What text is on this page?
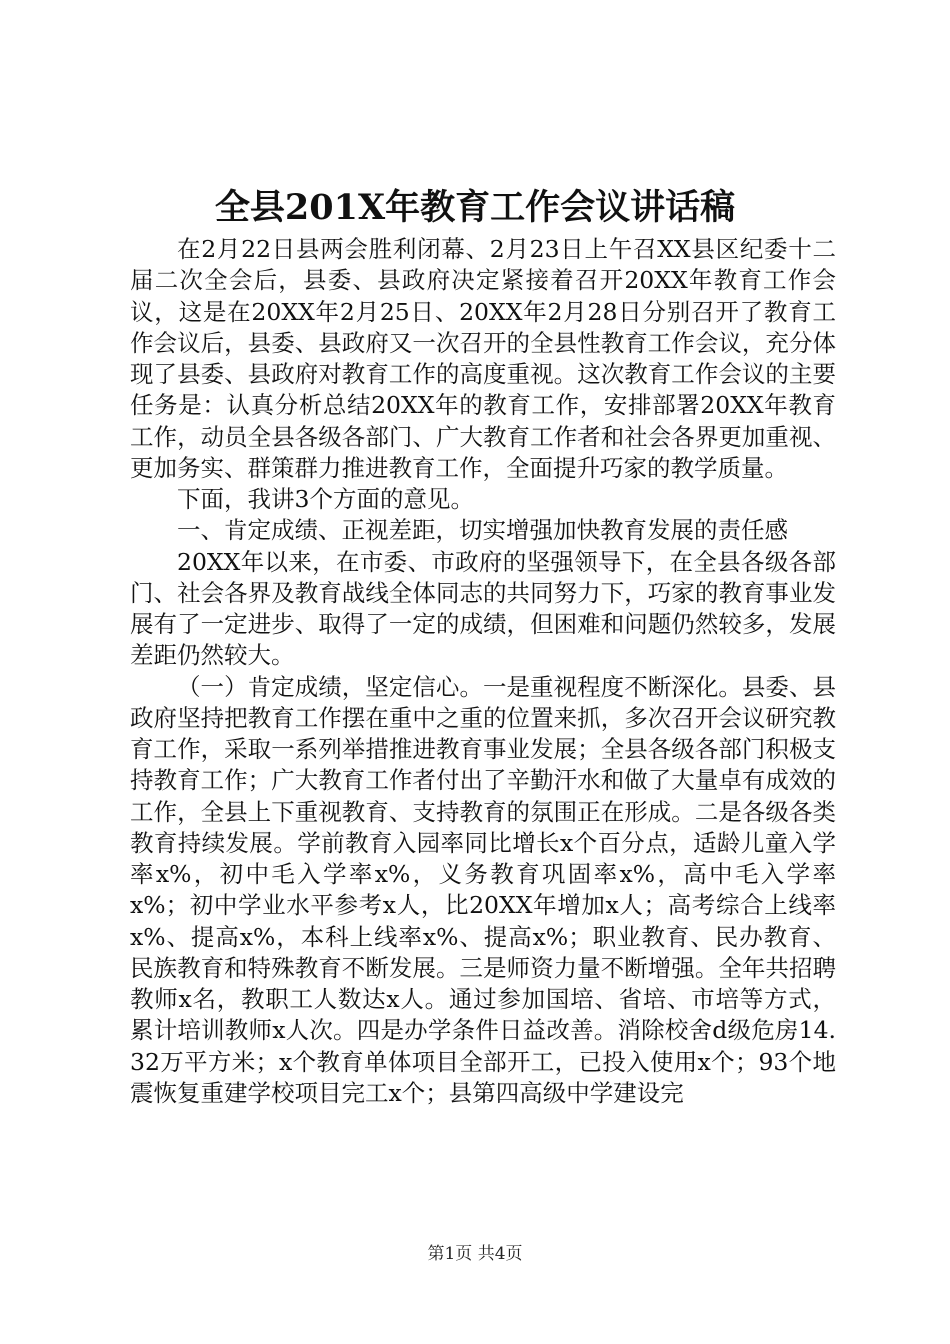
全县201X年教育工作会议讲话稿

在2月22日县两会胜利闭幕、2月23日上午召XX县区纪委十二届二次全会后，县委、县政府决定紧接着召开20XX年教育工作会议，这是在20XX年2月25日、20XX年2月28日分别召开了教育工作会议后，县委、县政府又一次召开的全县性教育工作会议，充分体现了县委、县政府对教育工作的高度重视。这次教育工作会议的主要任务是：认真分析总结20XX年的教育工作，安排部署20XX年教育工作，动员全县各级各部门、广大教育工作者和社会各界更加重视、更加务实、群策群力推进教育工作，全面提升巧家的教学质量。

下面，我讲3个方面的意见。

一、肯定成绩、正视差距，切实增强加快教育发展的责任感

20XX年以来，在市委、市政府的坚强领导下，在全县各级各部门、社会各界及教育战线全体同志的共同努力下，巧家的教育事业发展有了一定进步、取得了一定的成绩，但困难和问题仍然较多，发展差距仍然较大。

（一）肯定成绩，坚定信心。一是重视程度不断深化。县委、县政府坚持把教育工作摆在重中之重的位置来抓，多次召开会议研究教育工作，采取一系列举措推进教育事业发展；全县各级各部门积极支持教育工作；广大教育工作者付出了辛勤汗水和做了大量卓有成效的工作，全县上下重视教育、支持教育的氛围正在形成。二是各级各类教育持续发展。学前教育入园率同比增长x个百分点，适龄儿童入学率x%，初中毛入学率x%，义务教育巩固率x%，高中毛入学率x%；初中学业水平参考x人，比20XX年增加x人；高考综合上线率x%、提高x%，本科上线率x%、提高x%；职业教育、民办教育、民族教育和特殊教育不断发展。三是师资力量不断增强。全年共招聘教师x名，教职工人数达x人。通过参加国培、省培、市培等方式，累计培训教师x人次。四是办学条件日益改善。消除校舍d级危房14.32万平方米；x个教育单体项目全部开工，已投入使用x个；93个地震恢复重建学校项目完工x个；县第四高级中学建设完

第1页 共4页
